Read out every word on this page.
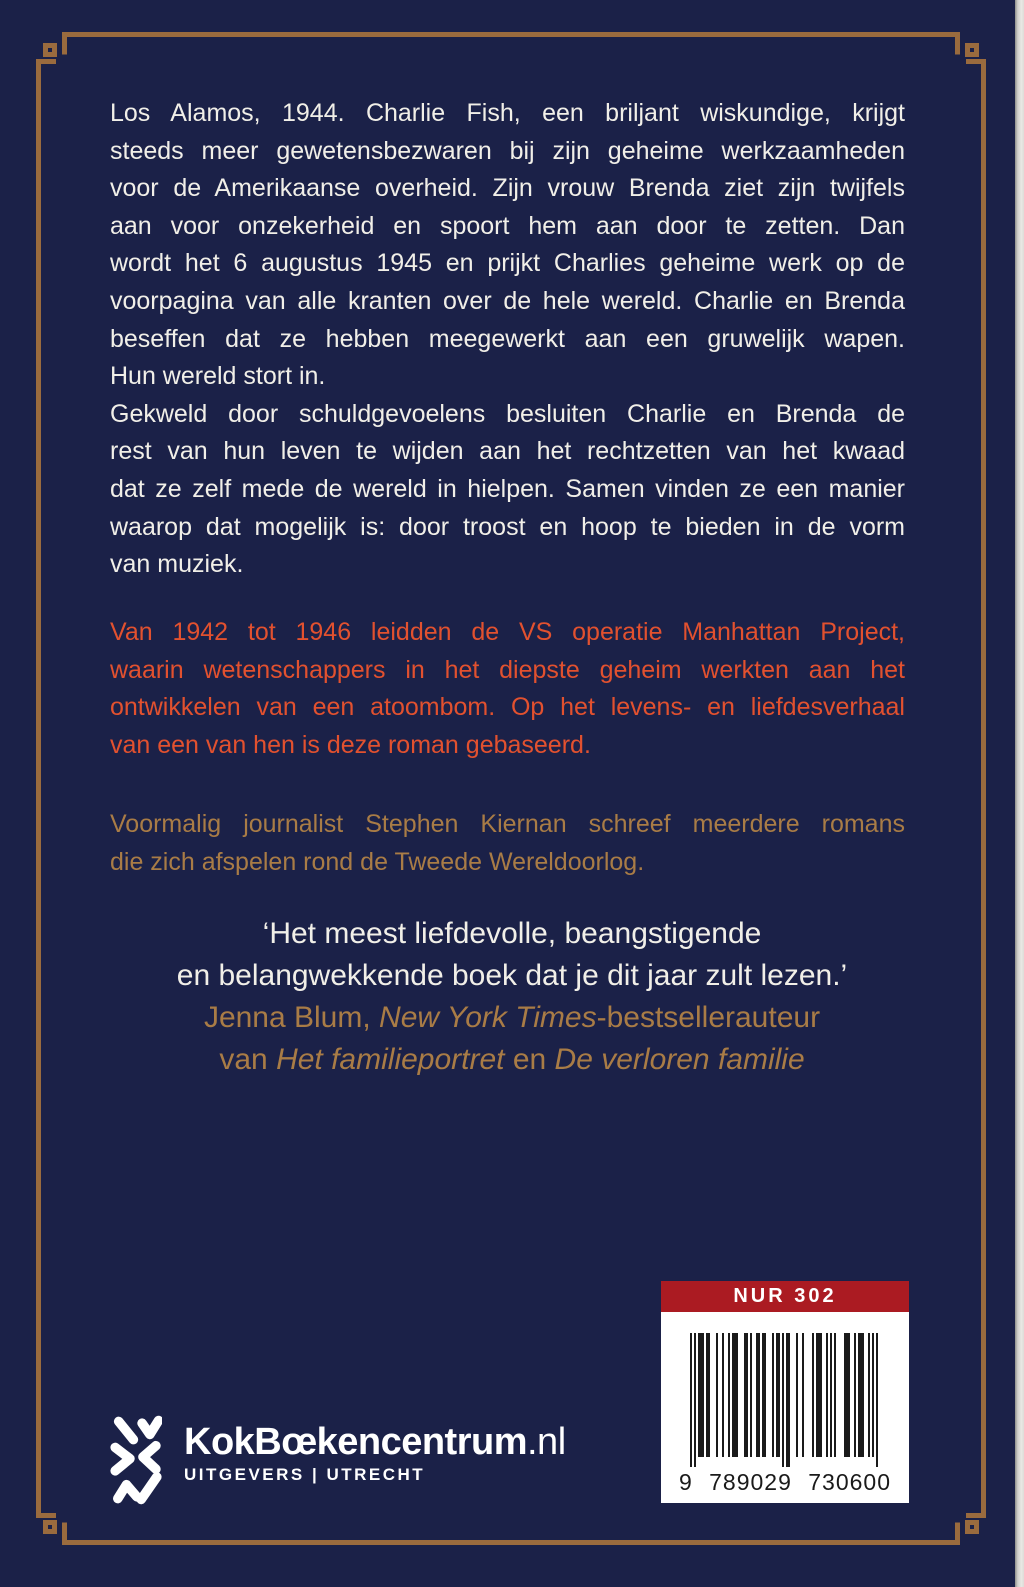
Los Alamos, 1944. Charlie Fish, een briljant wiskundige, krijgt
steeds meer gewetensbezwaren bij zijn geheime werkzaamheden
voor de Amerikaanse overheid. Zijn vrouw Brenda ziet zijn twijfels
aan voor onzekerheid en spoort hem aan door te zetten. Dan
wordt het 6 augustus 1945 en prijkt Charlies geheime werk op de
voorpagina van alle kranten over de hele wereld. Charlie en Brenda
beseffen dat ze hebben meegewerkt aan een gruwelijk wapen.
Hun wereld stort in.
Gekweld door schuldgevoelens besluiten Charlie en Brenda de
rest van hun leven te wijden aan het rechtzetten van het kwaad
dat ze zelf mede de wereld in hielpen. Samen vinden ze een manier
waarop dat mogelijk is: door troost en hoop te bieden in de vorm
van muziek.
Van 1942 tot 1946 leidden de VS operatie Manhattan Project,
waarin wetenschappers in het diepste geheim werkten aan het
ontwikkelen van een atoombom. Op het levens- en liefdesverhaal
van een van hen is deze roman gebaseerd.
Voormalig journalist Stephen Kiernan schreef meerdere romans
die zich afspelen rond de Tweede Wereldoorlog.
‘Het meest liefdevolle, beangstigende
en belangwekkende boek dat je dit jaar zult lezen.’
Jenna Blum, New York Times-bestsellerauteur
van Het familieportret en De verloren familie
NUR 302
9 789029 730600
KokBœkencentrum.nl
UITGEVERS | UTRECHT
